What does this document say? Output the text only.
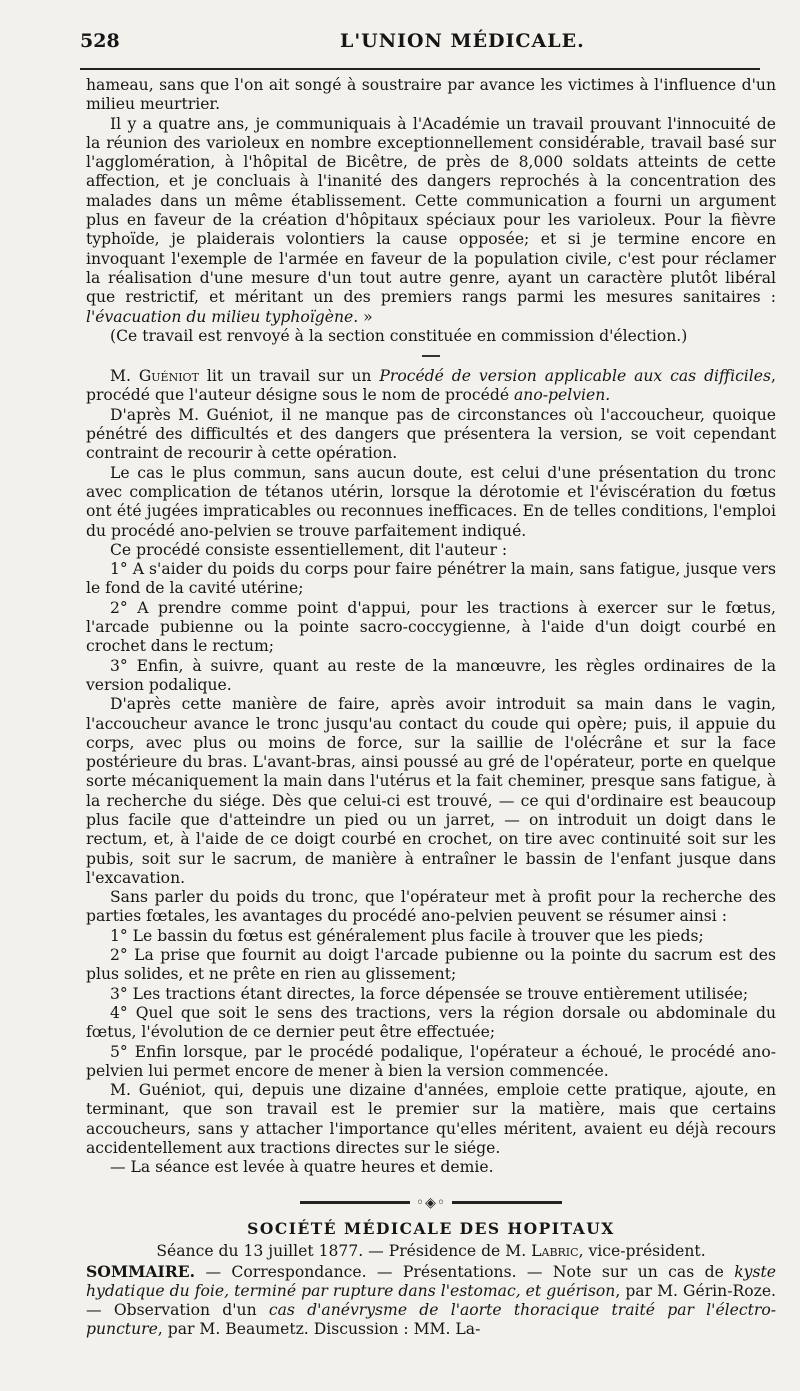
528	L'UNION MÉDICALE.

hameau, sans que l'on ait songé à soustraire par avance les victimes à l'influence d'un milieu meurtrier.

Il y a quatre ans, je communiquais à l'Académie un travail prouvant l'innocuité de la réunion des varioleux en nombre exceptionnellement considérable, travail basé sur l'agglomération, à l'hôpital de Bicêtre, de près de 8,000 soldats atteints de cette affection, et je concluais à l'inanité des dangers reprochés à la concentration des malades dans un même établissement. Cette communication a fourni un argument plus en faveur de la création d'hôpitaux spéciaux pour les varioleux. Pour la fièvre typhoïde, je plaiderais volontiers la cause opposée; et si je termine encore en invoquant l'exemple de l'armée en faveur de la population civile, c'est pour réclamer la réalisation d'une mesure d'un tout autre genre, ayant un caractère plutôt libéral que restrictif, et méritant un des premiers rangs parmi les mesures sanitaires : l'évacuation du milieu typhoïgène. »

(Ce travail est renvoyé à la section constituée en commission d'élection.)

M. Guéniot lit un travail sur un Procédé de version applicable aux cas difficiles, procédé que l'auteur désigne sous le nom de procédé ano-pelvien.

D'après M. Guéniot, il ne manque pas de circonstances où l'accoucheur, quoique pénétré des difficultés et des dangers que présentera la version, se voit cependant contraint de recourir à cette opération.

Le cas le plus commun, sans aucun doute, est celui d'une présentation du tronc avec complication de tétanos utérin, lorsque la dérotomie et l'éviscération du fœtus ont été jugées impraticables ou reconnues inefficaces. En de telles conditions, l'emploi du procédé ano-pelvien se trouve parfaitement indiqué.

Ce procédé consiste essentiellement, dit l'auteur :

1° A s'aider du poids du corps pour faire pénétrer la main, sans fatigue, jusque vers le fond de la cavité utérine;

2° A prendre comme point d'appui, pour les tractions à exercer sur le fœtus, l'arcade pubienne ou la pointe sacro-coccygienne, à l'aide d'un doigt courbé en crochet dans le rectum;

3° Enfin, à suivre, quant au reste de la manœuvre, les règles ordinaires de la version podalique.

D'après cette manière de faire, après avoir introduit sa main dans le vagin, l'accoucheur avance le tronc jusqu'au contact du coude qui opère; puis, il appuie du corps, avec plus ou moins de force, sur la saillie de l'olécrâne et sur la face postérieure du bras. L'avant-bras, ainsi poussé au gré de l'opérateur, porte en quelque sorte mécaniquement la main dans l'utérus et la fait cheminer, presque sans fatigue, à la recherche du siége. Dès que celui-ci est trouvé, — ce qui d'ordinaire est beaucoup plus facile que d'atteindre un pied ou un jarret, — on introduit un doigt dans le rectum, et, à l'aide de ce doigt courbé en crochet, on tire avec continuité soit sur les pubis, soit sur le sacrum, de manière à entraîner le bassin de l'enfant jusque dans l'excavation.

Sans parler du poids du tronc, que l'opérateur met à profit pour la recherche des parties fœtales, les avantages du procédé ano-pelvien peuvent se résumer ainsi :

1° Le bassin du fœtus est généralement plus facile à trouver que les pieds;

2° La prise que fournit au doigt l'arcade pubienne ou la pointe du sacrum est des plus solides, et ne prête en rien au glissement;

3° Les tractions étant directes, la force dépensée se trouve entièrement utilisée;

4° Quel que soit le sens des tractions, vers la région dorsale ou abdominale du fœtus, l'évolution de ce dernier peut être effectuée;

5° Enfin lorsque, par le procédé podalique, l'opérateur a échoué, le procédé ano-pelvien lui permet encore de mener à bien la version commencée.

M. Guéniot, qui, depuis une dizaine d'années, emploie cette pratique, ajoute, en terminant, que son travail est le premier sur la matière, mais que certains accoucheurs, sans y attacher l'importance qu'elles méritent, avaient eu déjà recours accidentellement aux tractions directes sur le siége.

— La séance est levée à quatre heures et demie.

◦◈◦
SOCIÉTÉ MÉDICALE DES HOPITAUX
Séance du 13 juillet 1877. — Présidence de M. Labric, vice-président.

SOMMAIRE. — Correspondance. — Présentations. — Note sur un cas de kyste hydatique du foie, terminé par rupture dans l'estomac, et guérison, par M. Gérin-Roze. — Observation d'un cas d'anévrysme de l'aorte thoracique traité par l'électro-puncture, par M. Beaumetz. Discussion : MM. La-
